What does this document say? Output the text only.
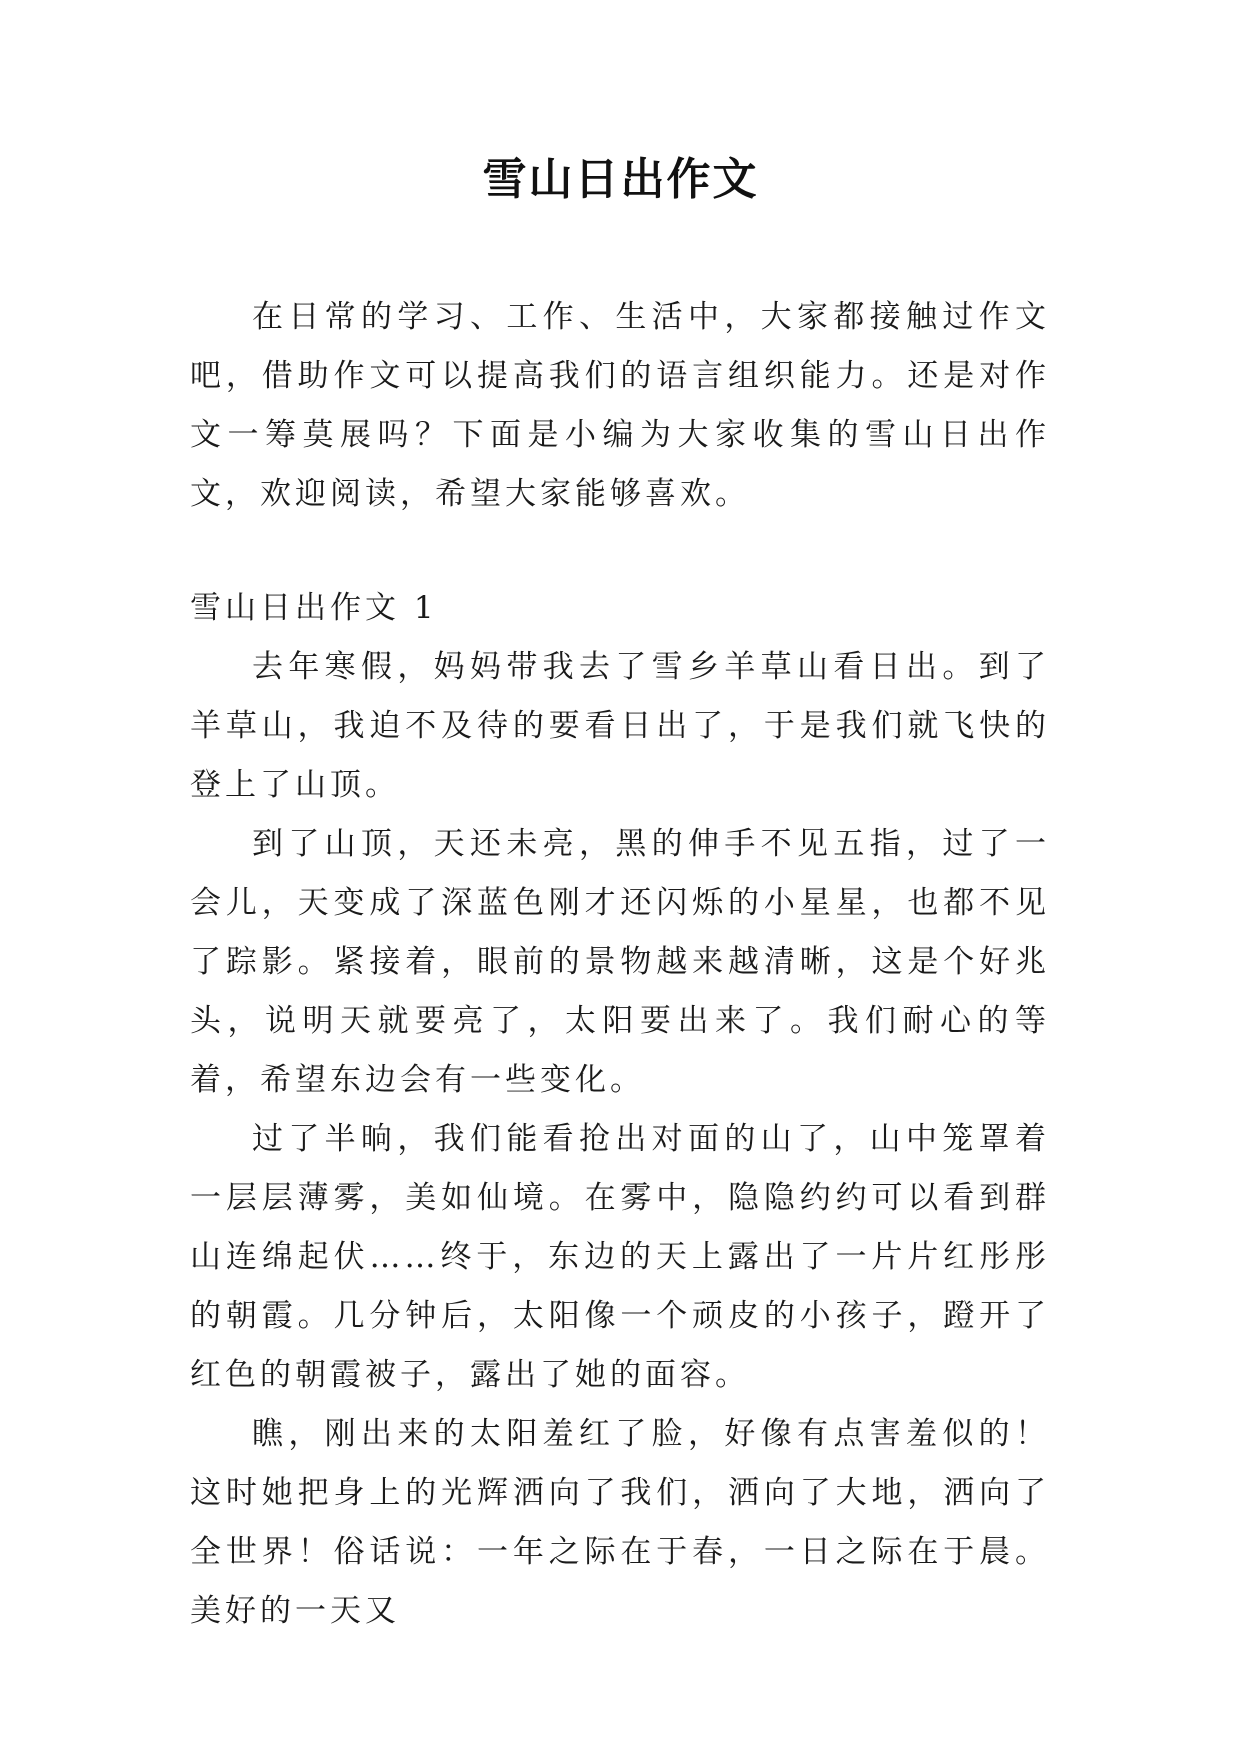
雪山日出作文

在日常的学习、工作、生活中，大家都接触过作文吧，借助作文可以提高我们的语言组织能力。还是对作文一筹莫展吗？下面是小编为大家收集的雪山日出作文，欢迎阅读，希望大家能够喜欢。

雪山日出作文 1

去年寒假，妈妈带我去了雪乡羊草山看日出。到了羊草山，我迫不及待的要看日出了，于是我们就飞快的登上了山顶。

到了山顶，天还未亮，黑的伸手不见五指，过了一会儿，天变成了深蓝色刚才还闪烁的小星星，也都不见了踪影。紧接着，眼前的景物越来越清晰，这是个好兆头，说明天就要亮了，太阳要出来了。我们耐心的等着，希望东边会有一些变化。

过了半晌，我们能看抢出对面的山了，山中笼罩着一层层薄雾，美如仙境。在雾中，隐隐约约可以看到群山连绵起伏……终于，东边的天上露出了一片片红彤彤的朝霞。几分钟后，太阳像一个顽皮的小孩子，蹬开了红色的朝霞被子，露出了她的面容。

瞧，刚出来的太阳羞红了脸，好像有点害羞似的！这时她把身上的光辉洒向了我们，洒向了大地，洒向了全世界！俗话说：一年之际在于春，一日之际在于晨。美好的一天又
